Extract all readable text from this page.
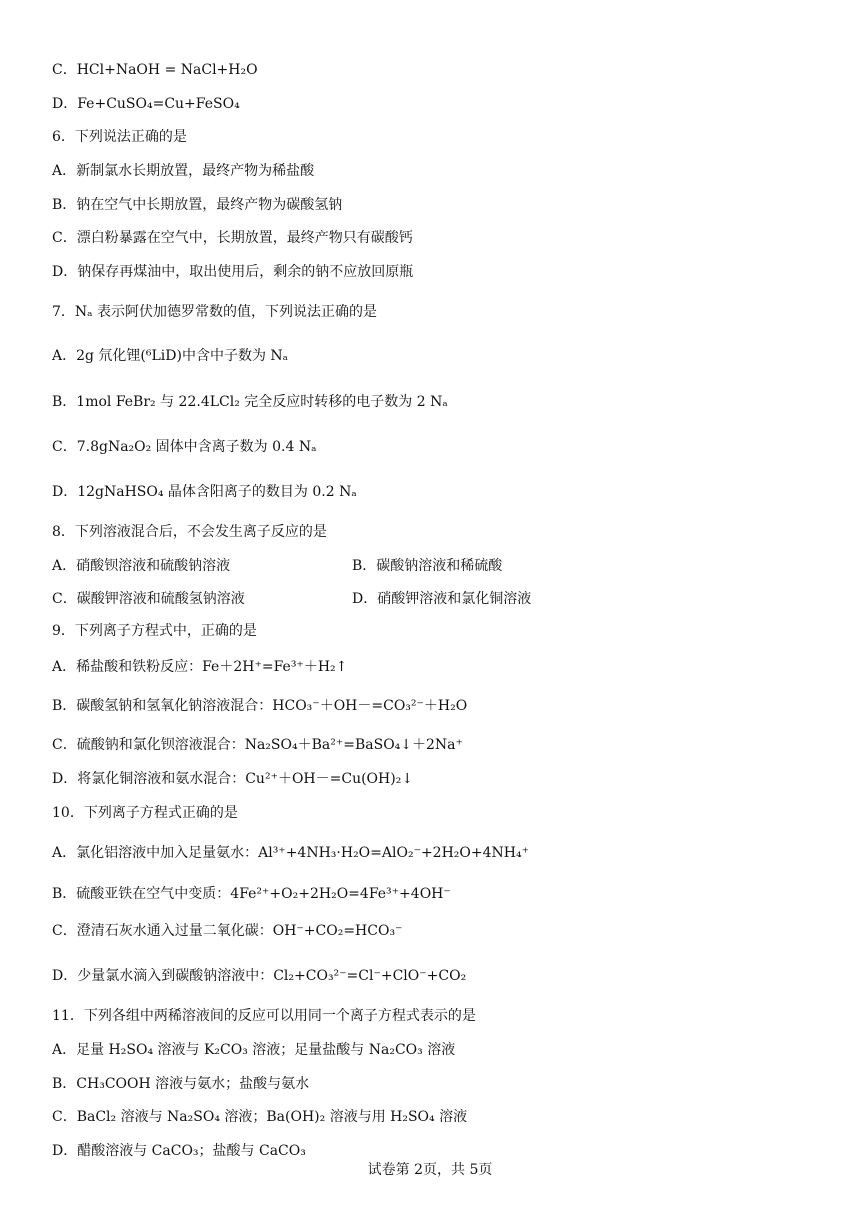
C．HCl+NaOH = NaCl+H₂O
D．Fe+CuSO₄=Cu+FeSO₄
6．下列说法正确的是
A．新制氯水长期放置，最终产物为稀盐酸
B．钠在空气中长期放置，最终产物为碳酸氢钠
C．漂白粉暴露在空气中，长期放置，最终产物只有碳酸钙
D．钠保存再煤油中，取出使用后，剩余的钠不应放回原瓶
7．Nₐ 表示阿伏加德罗常数的值，下列说法正确的是
A．2g 氘化锂(⁶LiD)中含中子数为 Nₐ
B．1mol FeBr₂ 与 22.4LCl₂ 完全反应时转移的电子数为 2 Nₐ
C．7.8gNa₂O₂ 固体中含离子数为 0.4 Nₐ
D．12gNaHSO₄ 晶体含阳离子的数目为 0.2 Nₐ
8．下列溶液混合后，不会发生离子反应的是
A．硝酸钡溶液和硫酸钠溶液	B．碳酸钠溶液和稀硫酸
C．碳酸钾溶液和硫酸氢钠溶液	D．硝酸钾溶液和氯化铜溶液
9．下列离子方程式中，正确的是
A．稀盐酸和铁粉反应：Fe＋2H⁺=Fe³⁺＋H₂↑
B．碳酸氢钠和氢氧化钠溶液混合：HCO₃⁻＋OH－=CO₃²⁻＋H₂O
C．硫酸钠和氯化钡溶液混合：Na₂SO₄＋Ba²⁺=BaSO₄↓＋2Na⁺
D．将氯化铜溶液和氨水混合：Cu²⁺＋OH－=Cu(OH)₂↓
10．下列离子方程式正确的是
A．氯化铝溶液中加入足量氨水：Al³⁺+4NH₃·H₂O=AlO₂⁻+2H₂O+4NH₄⁺
B．硫酸亚铁在空气中变质：4Fe²⁺+O₂+2H₂O=4Fe³⁺+4OH⁻
C．澄清石灰水通入过量二氧化碳：OH⁻+CO₂=HCO₃⁻
D．少量氯水滴入到碳酸钠溶液中：Cl₂+CO₃²⁻=Cl⁻+ClO⁻+CO₂
11．下列各组中两稀溶液间的反应可以用同一个离子方程式表示的是
A．足量 H₂SO₄ 溶液与 K₂CO₃ 溶液；足量盐酸与 Na₂CO₃ 溶液
B．CH₃COOH 溶液与氨水；盐酸与氨水
C．BaCl₂ 溶液与 Na₂SO₄ 溶液；Ba(OH)₂ 溶液与用 H₂SO₄ 溶液
D．醋酸溶液与 CaCO₃；盐酸与 CaCO₃
试卷第 2页，共 5页
